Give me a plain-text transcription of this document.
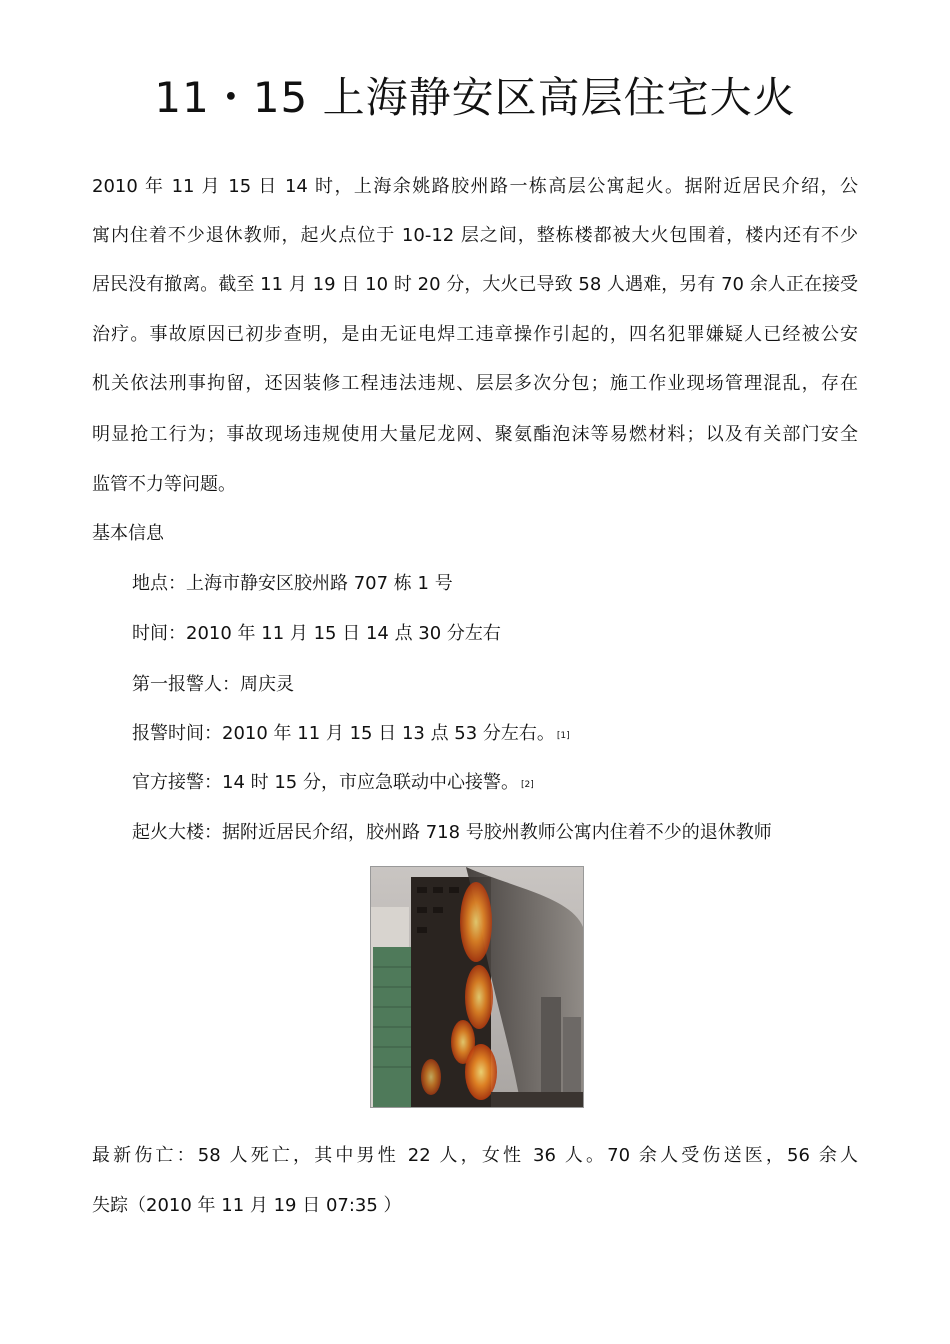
11・15 上海静安区高层住宅大火

2010 年 11 月 15 日 14 时，上海余姚路胶州路一栋高层公寓起火。据附近居民介绍，公

寓内住着不少退休教师，起火点位于 10-12 层之间，整栋楼都被大火包围着，楼内还有不少

居民没有撤离。截至 11 月 19 日 10 时 20 分，大火已导致 58 人遇难，另有 70 余人正在接受

治疗。事故原因已初步查明，是由无证电焊工违章操作引起的，四名犯罪嫌疑人已经被公安

机关依法刑事拘留，还因装修工程违法违规、层层多次分包；施工作业现场管理混乱，存在

明显抢工行为；事故现场违规使用大量尼龙网、聚氨酯泡沫等易燃材料；以及有关部门安全

监管不力等问题。

基本信息

地点：上海市静安区胶州路 707 栋 1 号

时间：2010 年 11 月 15 日 14 点 30 分左右

第一报警人：周庆灵

报警时间：2010 年 11 月 15 日 13 点 53 分左右。 [1]

官方接警：14 时 15 分，市应急联动中心接警。 [2]

起火大楼：据附近居民介绍，胶州路 718 号胶州教师公寓内住着不少的退休教师

最新伤亡：58 人死亡，其中男性 22 人，女性 36 人。70 余人受伤送医，56 余人

失踪（2010 年 11 月 19 日 07:35 ）
